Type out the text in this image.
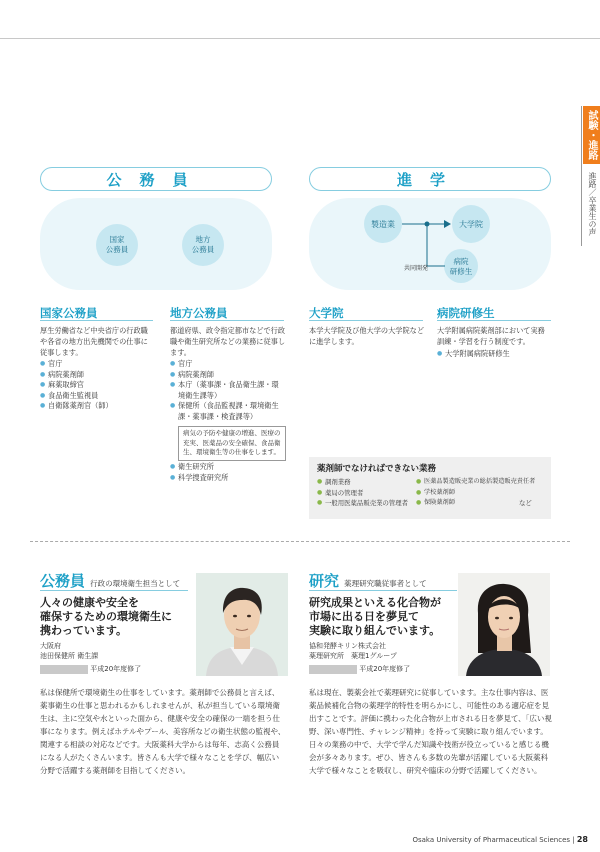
試験・進路
進路／卒業生の声
公務員	進学
国家公務員
地方公務員
製造業	大学院
病院研修生
共同開発
国家公務員
厚生労働省など中央省庁の行政職や各省の地方出先機関での仕事に従事します。
● 官庁
● 病院薬剤師
● 麻薬取締官
● 食品衛生監視員
● 自衛隊薬剤官（師）
地方公務員
都道府県、政令指定都市などで行政職や衛生研究所などの業務に従事します。
● 官庁
● 病院薬剤師
● 本庁（薬事課・食品衛生課・環境衛生課等）
● 保健所（食品監視課・環境衛生課・薬事課・検査課等）
病気の予防や健康の増進、医療の充実、医薬品の安全確保、食品衛生、環境衛生等の仕事をします。
● 衛生研究所
● 科学捜査研究所
大学院
本学大学院及び他大学の大学院などに進学します。
病院研修生
大学附属病院薬剤部において実務訓練・学習を行う制度です。
● 大学附属病院研修生
薬剤師でなければできない業務
● 調剤業務
● 薬局の管理者
● 一般用医薬品販売業の管理者
● 医薬品製造販売業の総括製造販売責任者
● 学校薬剤師
● 保険薬剤師	など
公務員 行政の環境衛生担当として
人々の健康や安全を
確保するための環境衛生に
携わっています。
大阪府
池田保健所 衛生課
平成20年度修了
私は保健所で環境衛生の仕事をしています。薬剤師で公務員と言えば、薬事衛生の仕事と思われるかもしれませんが、私が担当している環境衛生は、主に空気や水といった面から、健康や安全の確保の一端を担う仕事になります。例えばホテルやプール、美容所などの衛生状態の監視や、関連する相談の対応などです。大阪薬科大学からは毎年、志高く公務員になる人がたくさんいます。皆さんも大学で様々なことを学び、幅広い分野で活躍する薬剤師を目指してください。
研究 薬理研究職従事者として
研究成果といえる化合物が
市場に出る日を夢見て
実験に取り組んでいます。
協和発酵キリン株式会社
薬理研究所　薬理1グループ
平成20年度修了
私は現在、製薬会社で薬理研究に従事しています。主な仕事内容は、医薬品候補化合物の薬理学的特性を明らかにし、可能性のある適応症を見出すことです。評価に携わった化合物が上市される日を夢見て、「広い視野、深い専門性、チャレンジ精神」を持って実験に取り組んでいます。日々の業務の中で、大学で学んだ知識や技術が役立っていると感じる機会が多々あります。ぜひ、皆さんも多数の先輩が活躍している大阪薬科大学で様々なことを吸収し、研究や臨床の分野で活躍してください。
Osaka University of Pharmaceutical Sciences | 28
